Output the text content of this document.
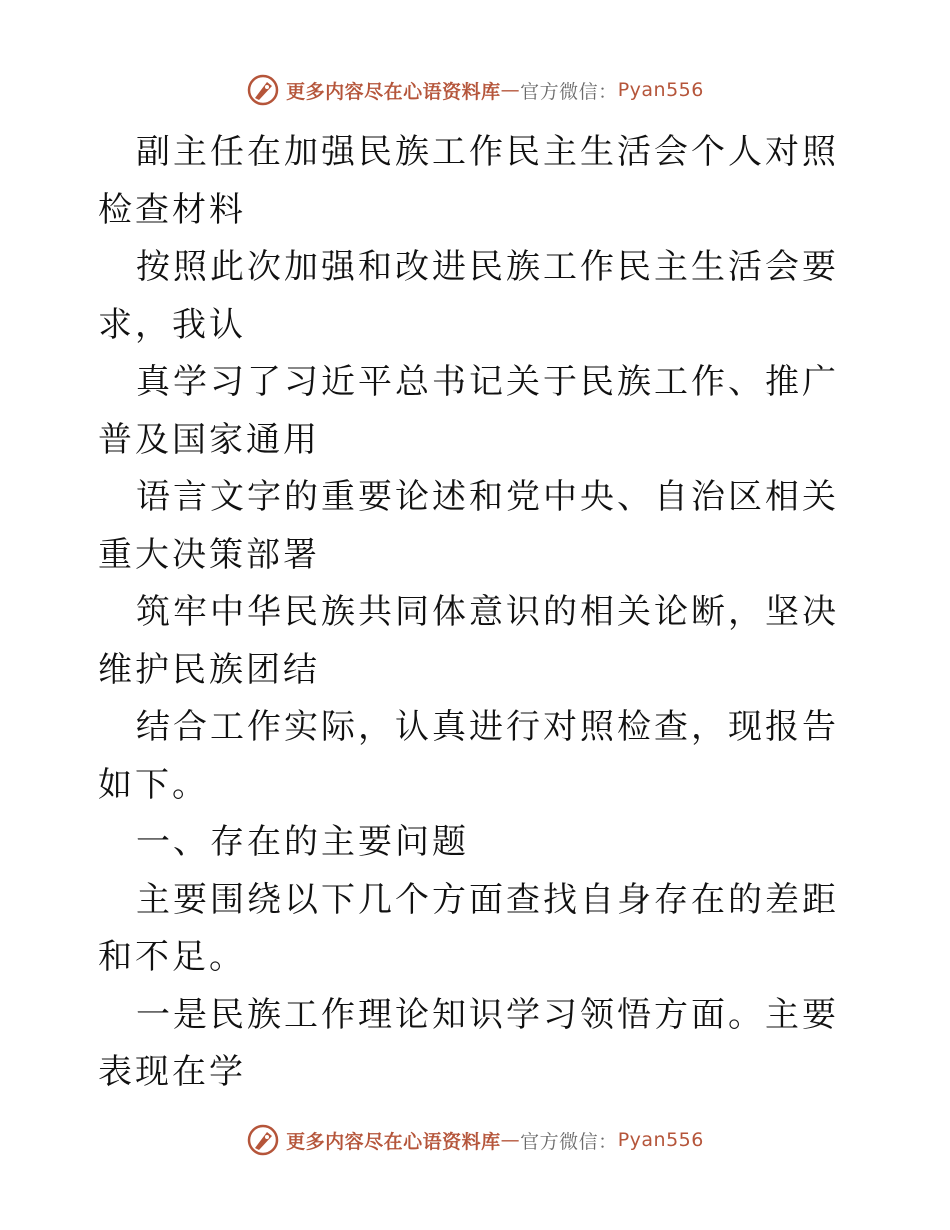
更多内容尽在心语资料库 — 官方微信： Pyan556

副主任在加强民族工作民主生活会个人对照检查材料

按照此次加强和改进民族工作民主生活会要求，我认

真学习了习近平总书记关于民族工作、推广普及国家通用

语言文字的重要论述和党中央、自治区相关重大决策部署

筑牢中华民族共同体意识的相关论断，坚决维护民族团结

结合工作实际，认真进行对照检查，现报告如下。

一、存在的主要问题

主要围绕以下几个方面查找自身存在的差距和不足。

一是民族工作理论知识学习领悟方面。主要表现在学

更多内容尽在心语资料库 — 官方微信： Pyan556
